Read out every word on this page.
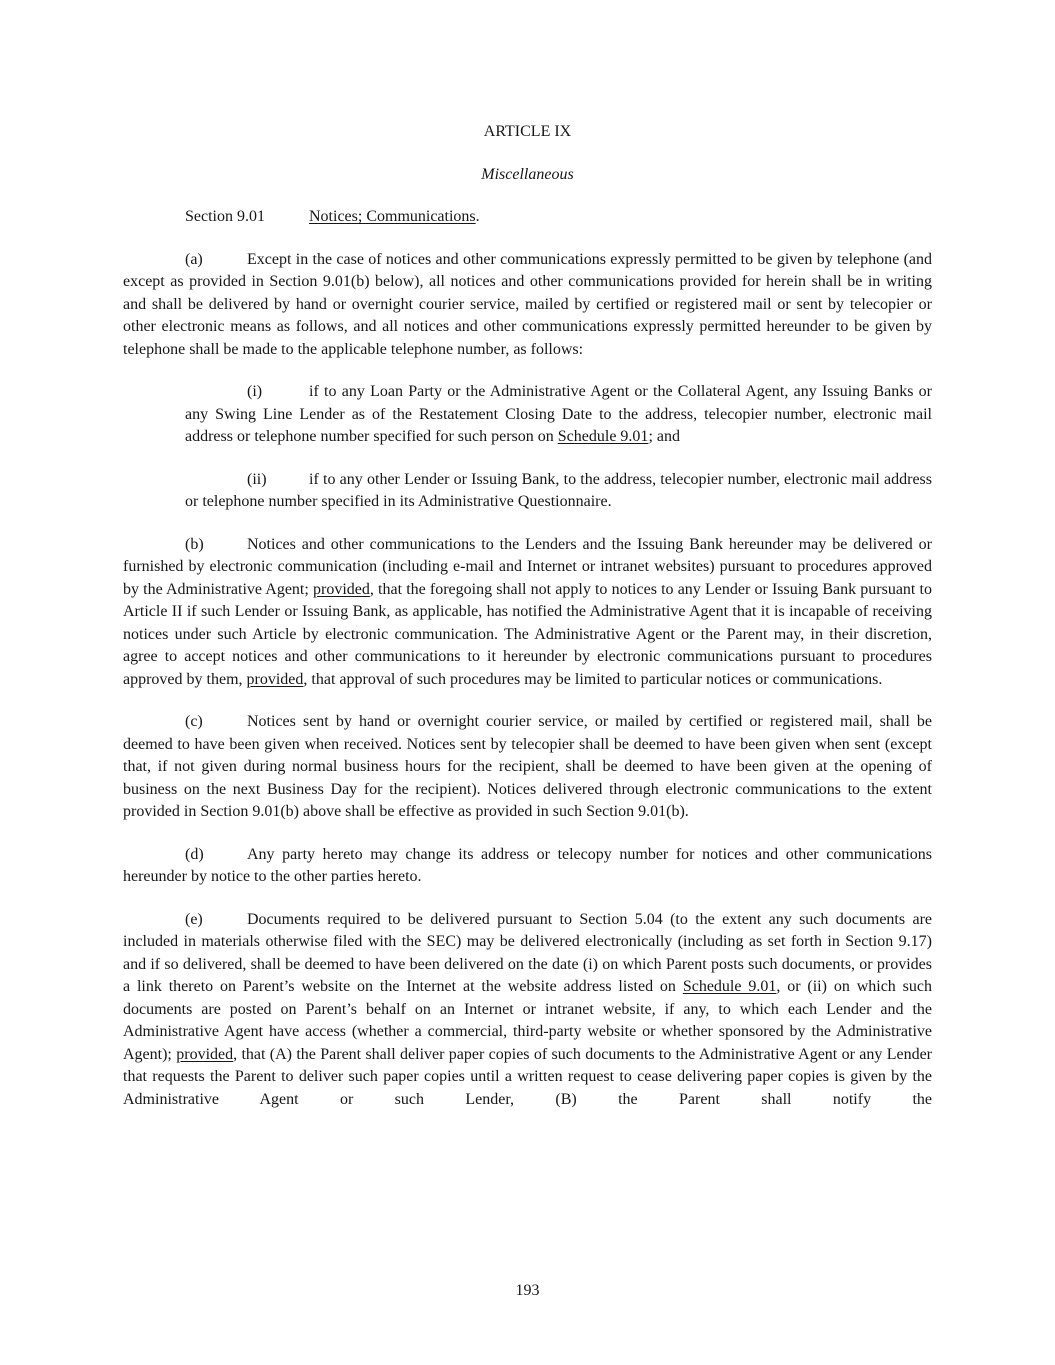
ARTICLE IX
Miscellaneous
Section 9.01	Notices; Communications.
(a)	Except in the case of notices and other communications expressly permitted to be given by telephone (and except as provided in Section 9.01(b) below), all notices and other communications provided for herein shall be in writing and shall be delivered by hand or overnight courier service, mailed by certified or registered mail or sent by telecopier or other electronic means as follows, and all notices and other communications expressly permitted hereunder to be given by telephone shall be made to the applicable telephone number, as follows:
(i)	if to any Loan Party or the Administrative Agent or the Collateral Agent, any Issuing Banks or any Swing Line Lender as of the Restatement Closing Date to the address, telecopier number, electronic mail address or telephone number specified for such person on Schedule 9.01; and
(ii)	if to any other Lender or Issuing Bank, to the address, telecopier number, electronic mail address or telephone number specified in its Administrative Questionnaire.
(b)	Notices and other communications to the Lenders and the Issuing Bank hereunder may be delivered or furnished by electronic communication (including e-mail and Internet or intranet websites) pursuant to procedures approved by the Administrative Agent; provided, that the foregoing shall not apply to notices to any Lender or Issuing Bank pursuant to Article II if such Lender or Issuing Bank, as applicable, has notified the Administrative Agent that it is incapable of receiving notices under such Article by electronic communication. The Administrative Agent or the Parent may, in their discretion, agree to accept notices and other communications to it hereunder by electronic communications pursuant to procedures approved by them, provided, that approval of such procedures may be limited to particular notices or communications.
(c)	Notices sent by hand or overnight courier service, or mailed by certified or registered mail, shall be deemed to have been given when received. Notices sent by telecopier shall be deemed to have been given when sent (except that, if not given during normal business hours for the recipient, shall be deemed to have been given at the opening of business on the next Business Day for the recipient). Notices delivered through electronic communications to the extent provided in Section 9.01(b) above shall be effective as provided in such Section 9.01(b).
(d)	Any party hereto may change its address or telecopy number for notices and other communications hereunder by notice to the other parties hereto.
(e)	Documents required to be delivered pursuant to Section 5.04 (to the extent any such documents are included in materials otherwise filed with the SEC) may be delivered electronically (including as set forth in Section 9.17) and if so delivered, shall be deemed to have been delivered on the date (i) on which Parent posts such documents, or provides a link thereto on Parent’s website on the Internet at the website address listed on Schedule 9.01, or (ii) on which such documents are posted on Parent’s behalf on an Internet or intranet website, if any, to which each Lender and the Administrative Agent have access (whether a commercial, third-party website or whether sponsored by the Administrative Agent); provided, that (A) the Parent shall deliver paper copies of such documents to the Administrative Agent or any Lender that requests the Parent to deliver such paper copies until a written request to cease delivering paper copies is given by the Administrative Agent or such Lender, (B) the Parent shall notify the
193
